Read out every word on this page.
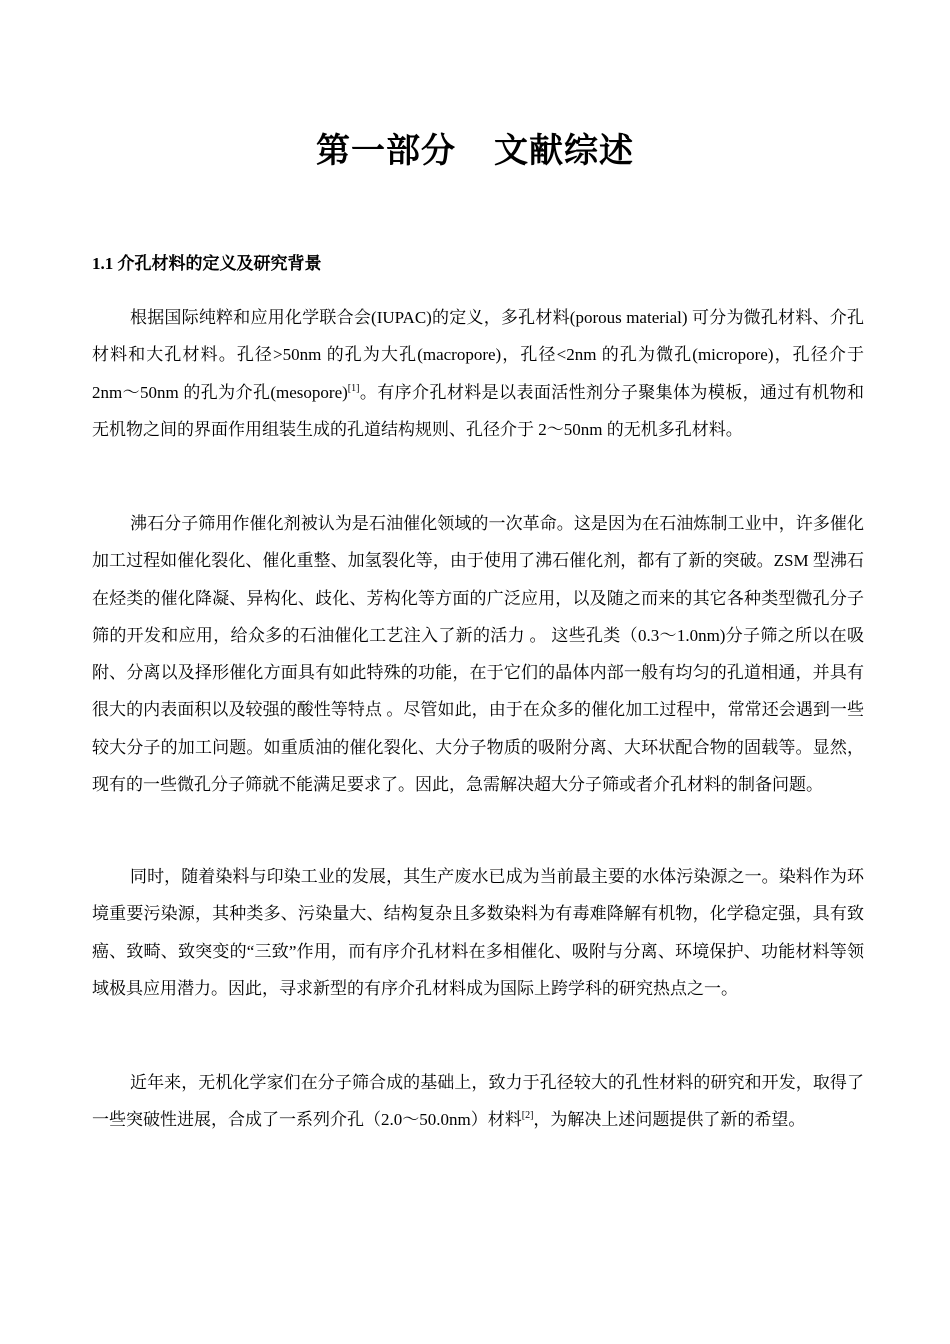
第一部分    文献综述
1.1 介孔材料的定义及研究背景

根据国际纯粹和应用化学联合会(IUPAC)的定义，多孔材料(porous material) 可分为微孔材料、介孔材料和大孔材料。孔径>50nm 的孔为大孔(macropore)，孔径<2nm 的孔为微孔(micropore)，孔径介于 2nm～50nm 的孔为介孔(mesopore)[1]。有序介孔材料是以表面活性剂分子聚集体为模板，通过有机物和无机物之间的界面作用组装生成的孔道结构规则、孔径介于 2～50nm 的无机多孔材料。

沸石分子筛用作催化剂被认为是石油催化领域的一次革命。这是因为在石油炼制工业中，许多催化加工过程如催化裂化、催化重整、加氢裂化等，由于使用了沸石催化剂，都有了新的突破。ZSM 型沸石在烃类的催化降凝、异构化、歧化、芳构化等方面的广泛应用，以及随之而来的其它各种类型微孔分子筛的开发和应用，给众多的石油催化工艺注入了新的活力 。 这些孔类（0.3～1.0nm)分子筛之所以在吸附、分离以及择形催化方面具有如此特殊的功能，在于它们的晶体内部一般有均匀的孔道相通，并具有很大的内表面积以及较强的酸性等特点 。尽管如此，由于在众多的催化加工过程中，常常还会遇到一些较大分子的加工问题。如重质油的催化裂化、大分子物质的吸附分离、大环状配合物的固载等。显然，现有的一些微孔分子筛就不能满足要求了。因此，急需解决超大分子筛或者介孔材料的制备问题。

同时，随着染料与印染工业的发展，其生产废水已成为当前最主要的水体污染源之一。染料作为环境重要污染源，其种类多、污染量大、结构复杂且多数染料为有毒难降解有机物，化学稳定强，具有致癌、致畸、致突变的“三致”作用，而有序介孔材料在多相催化、吸附与分离、环境保护、功能材料等领域极具应用潜力。因此，寻求新型的有序介孔材料成为国际上跨学科的研究热点之一。

近年来，无机化学家们在分子筛合成的基础上，致力于孔径较大的孔性材料的研究和开发，取得了一些突破性进展，合成了一系列介孔（2.0～50.0nm）材料[2]，为解决上述问题提供了新的希望。
